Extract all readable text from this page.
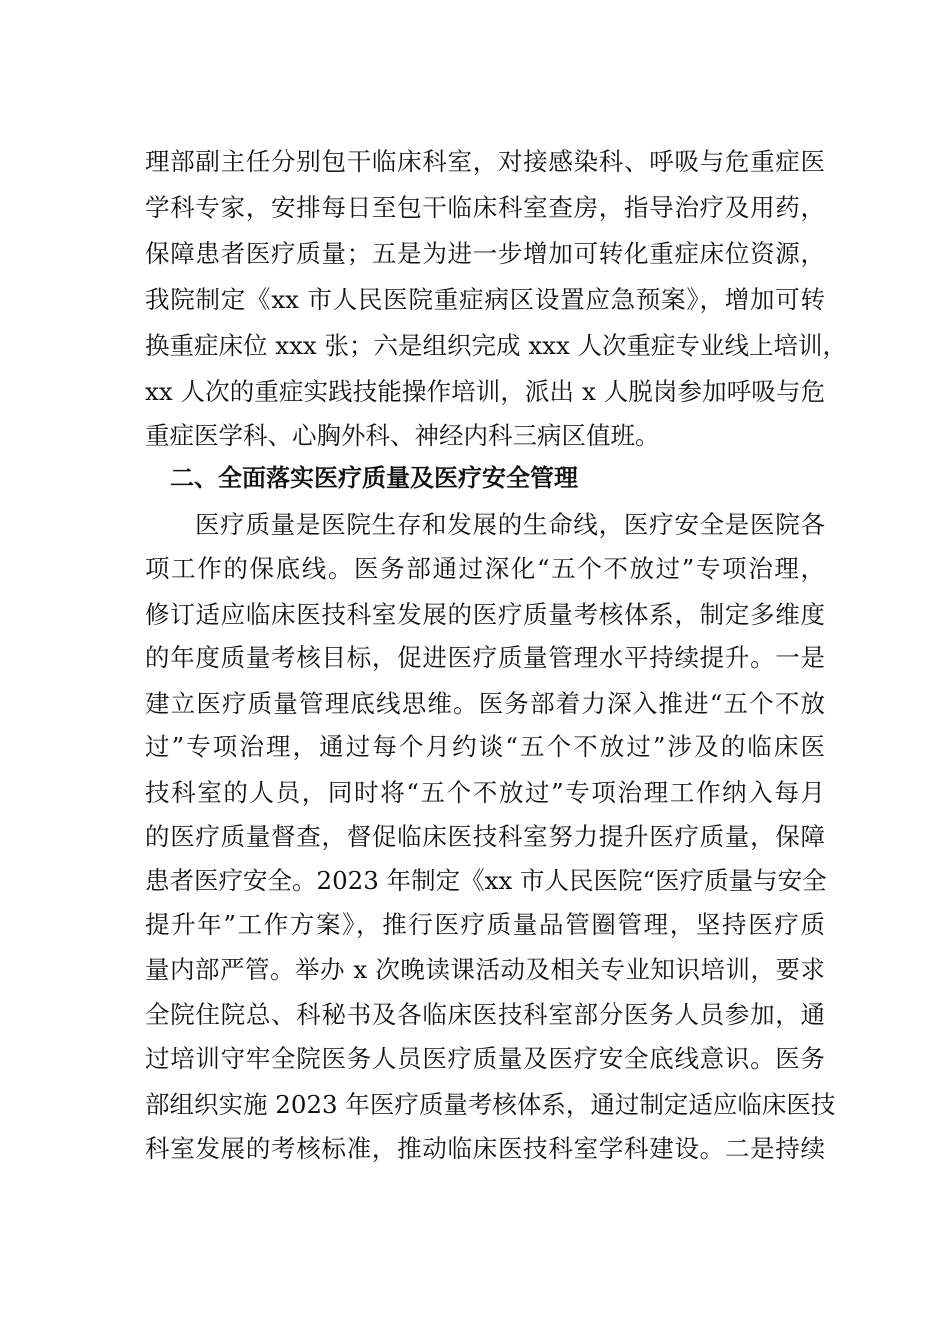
理部副主任分别包干临床科室，对接感染科、呼吸与危重症医
学科专家，安排每日至包干临床科室查房，指导治疗及用药，
保障患者医疗质量；五是为进一步增加可转化重症床位资源，
我院制定《xx 市人民医院重症病区设置应急预案》，增加可转
换重症床位 xxx 张；六是组织完成 xxx 人次重症专业线上培训，
xx 人次的重症实践技能操作培训，派出 x 人脱岗参加呼吸与危
重症医学科、心胸外科、神经内科三病区值班。
二、全面落实医疗质量及医疗安全管理
医疗质量是医院生存和发展的生命线，医疗安全是医院各
项工作的保底线。医务部通过深化“五个不放过”专项治理，
修订适应临床医技科室发展的医疗质量考核体系，制定多维度
的年度质量考核目标，促进医疗质量管理水平持续提升。一是
建立医疗质量管理底线思维。医务部着力深入推进“五个不放
过”专项治理，通过每个月约谈“五个不放过”涉及的临床医
技科室的人员，同时将“五个不放过”专项治理工作纳入每月
的医疗质量督查，督促临床医技科室努力提升医疗质量，保障
患者医疗安全。2023 年制定《xx 市人民医院“医疗质量与安全
提升年”工作方案》，推行医疗质量品管圈管理，坚持医疗质
量内部严管。举办 x 次晚读课活动及相关专业知识培训，要求
全院住院总、科秘书及各临床医技科室部分医务人员参加，通
过培训守牢全院医务人员医疗质量及医疗安全底线意识。医务
部组织实施 2023 年医疗质量考核体系，通过制定适应临床医技
科室发展的考核标准，推动临床医技科室学科建设。二是持续
